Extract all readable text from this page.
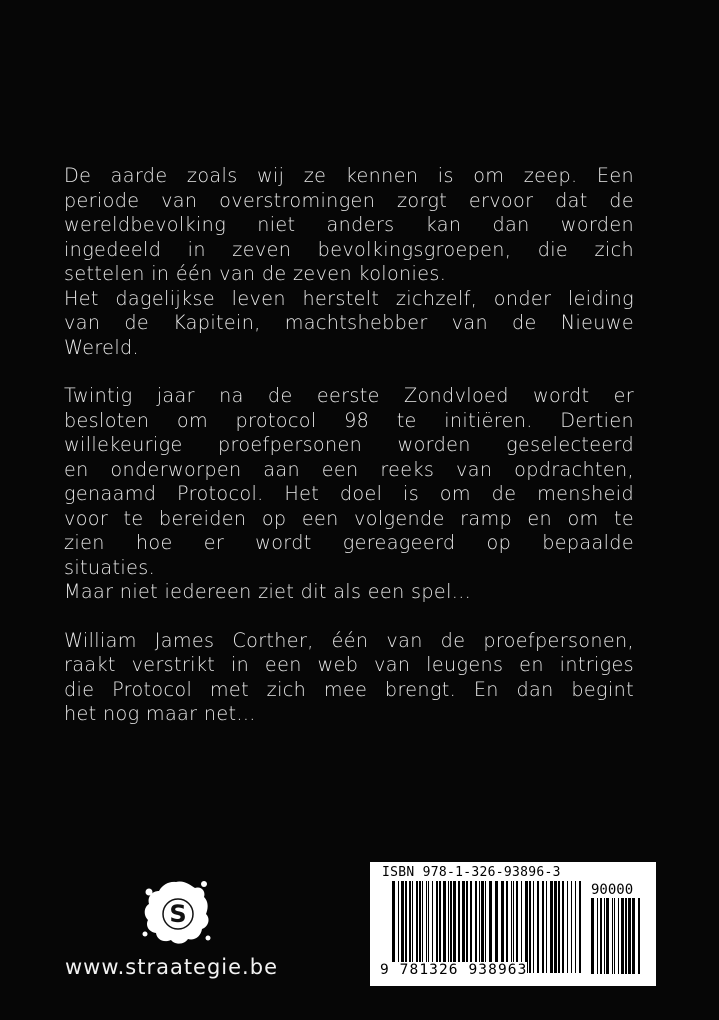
De aarde zoals wij ze kennen is om zeep. Een

periode van overstromingen zorgt ervoor dat de

wereldbevolking niet anders kan dan worden

ingedeeld in zeven bevolkingsgroepen, die zich

settelen in één van de zeven kolonies.

Het dagelijkse leven herstelt zichzelf, onder leiding

van de Kapitein, machtshebber van de Nieuwe

Wereld.

Twintig jaar na de eerste Zondvloed wordt er

besloten om protocol 98 te initiëren. Dertien

willekeurige proefpersonen worden geselecteerd

en onderworpen aan een reeks van opdrachten,

genaamd Protocol. Het doel is om de mensheid

voor te bereiden op een volgende ramp en om te

zien hoe er wordt gereageerd op bepaalde

situaties.

Maar niet iedereen ziet dit als een spel...

William James Corther, één van de proefpersonen,

raakt verstrikt in een web van leugens en intriges

die Protocol met zich mee brengt. En dan begint

het nog maar net...

S
www.straategie.be
ISBN 978-1-326-93896-3
90000
9 781326 938963
